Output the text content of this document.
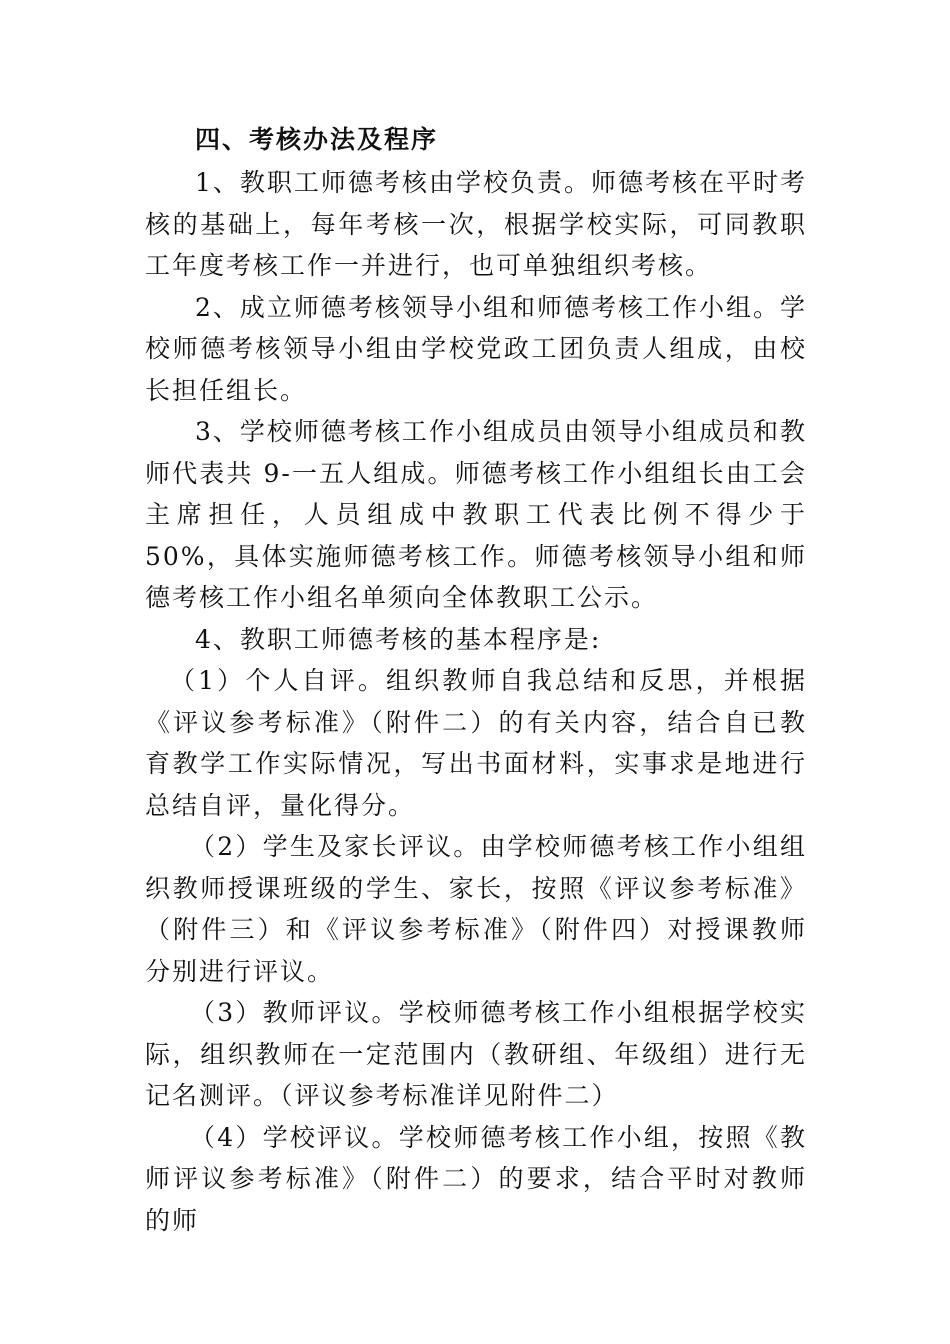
四、考核办法及程序

1、教职工师德考核由学校负责。师德考核在平时考核的基础上，每年考核一次，根据学校实际，可同教职工年度考核工作一并进行，也可单独组织考核。

2、成立师德考核领导小组和师德考核工作小组。学校师德考核领导小组由学校党政工团负责人组成，由校长担任组长。

3、学校师德考核工作小组成员由领导小组成员和教师代表共 9-一五人组成。师德考核工作小组组长由工会主席担任，人员组成中教职工代表比例不得少于 50%，具体实施师德考核工作。师德考核领导小组和师德考核工作小组名单须向全体教职工公示。

4、教职工师德考核的基本程序是:

（1）个人自评。组织教师自我总结和反思，并根据《评议参考标准》（附件二）的有关内容，结合自已教育教学工作实际情况，写出书面材料，实事求是地进行总结自评，量化得分。

（2）学生及家长评议。由学校师德考核工作小组组织教师授课班级的学生、家长，按照《评议参考标准》（附件三）和《评议参考标准》（附件四）对授课教师分别进行评议。

（3）教师评议。学校师德考核工作小组根据学校实际，组织教师在一定范围内（教研组、年级组）进行无记名测评。（评议参考标准详见附件二）

（4）学校评议。学校师德考核工作小组，按照《教师评议参考标准》（附件二）的要求，结合平时对教师的师
